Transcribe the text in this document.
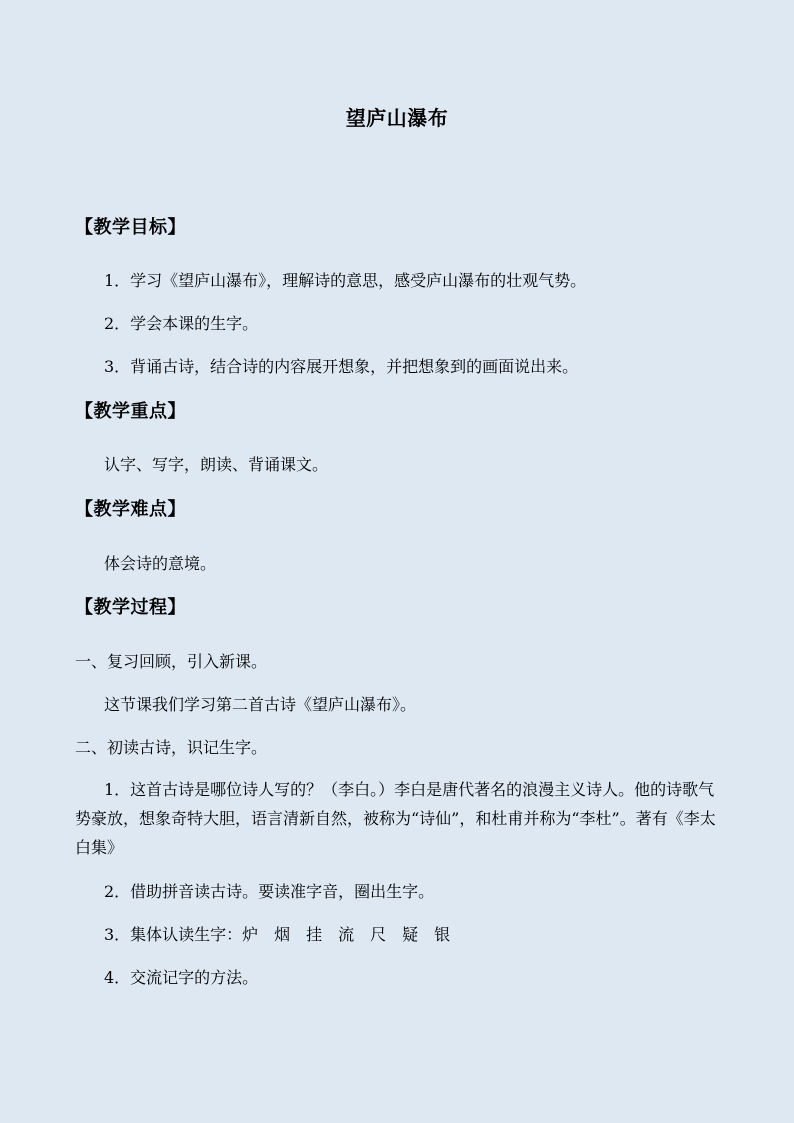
望庐山瀑布
【教学目标】
1．学习《望庐山瀑布》，理解诗的意思，感受庐山瀑布的壮观气势。
2．学会本课的生字。
3．背诵古诗，结合诗的内容展开想象，并把想象到的画面说出来。
【教学重点】
认字、写字，朗读、背诵课文。
【教学难点】
体会诗的意境。
【教学过程】
一、复习回顾，引入新课。
这节课我们学习第二首古诗《望庐山瀑布》。
二、初读古诗，识记生字。
1．这首古诗是哪位诗人写的？（李白。）李白是唐代著名的浪漫主义诗人。他的诗歌气势豪放，想象奇特大胆，语言清新自然，被称为“诗仙”，和杜甫并称为“李杜”。著有《李太白集》
2．借助拼音读古诗。要读准字音，圈出生字。
3．集体认读生字：炉　烟　挂　流　尺　疑　银
4．交流记字的方法。
